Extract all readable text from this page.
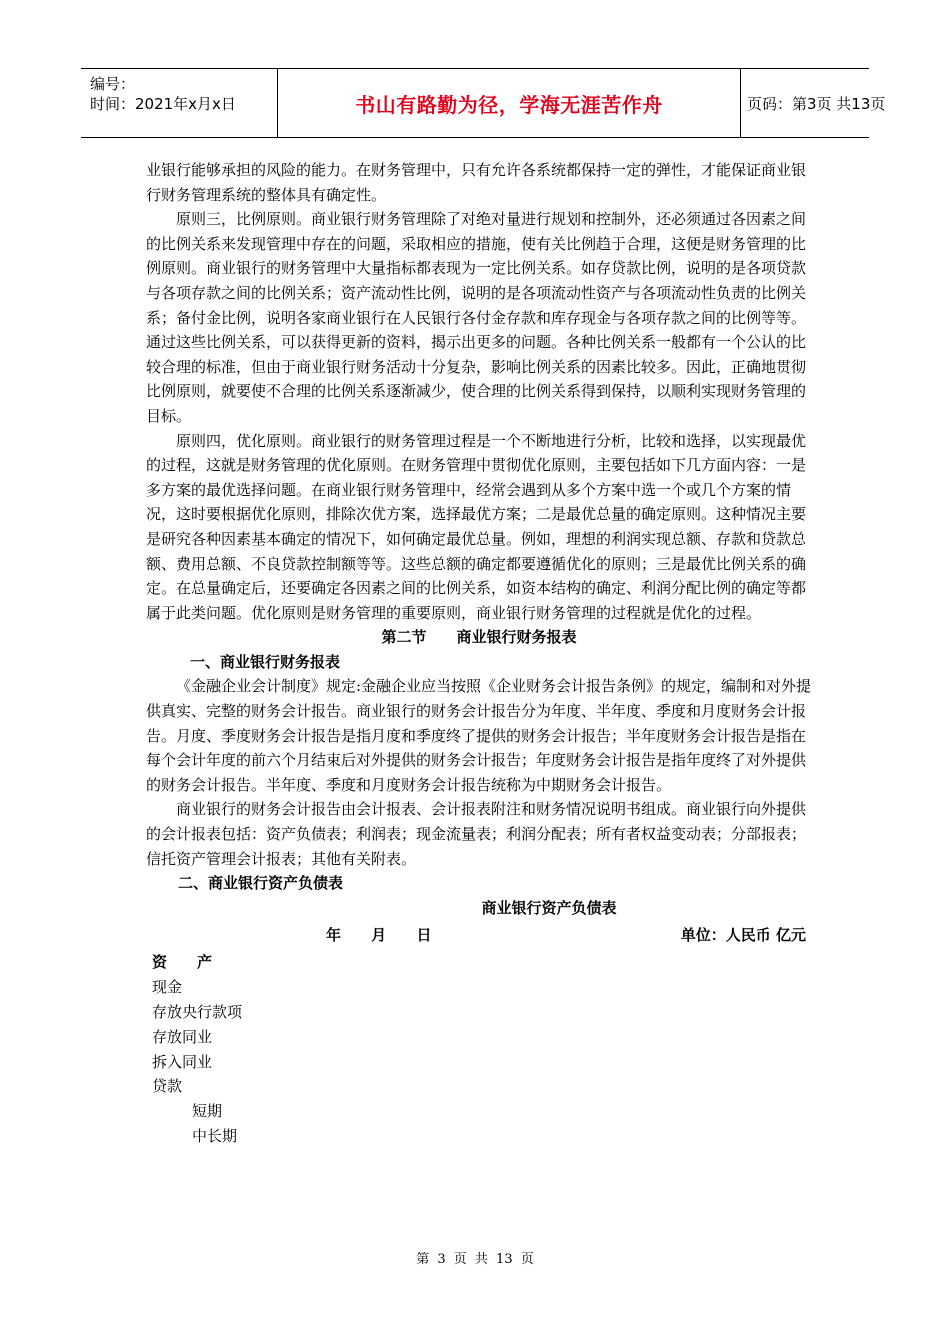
编号：
时间：2021年x月x日	书山有路勤为径，学海无涯苦作舟	页码：第3页 共13页

业银行能够承担的风险的能力。在财务管理中，只有允许各系统都保持一定的弹性，才能保证商业银行财务管理系统的整体具有确定性。

原则三，比例原则。商业银行财务管理除了对绝对量进行规划和控制外，还必须通过各因素之间的比例关系来发现管理中存在的问题，采取相应的措施，使有关比例趋于合理，这便是财务管理的比例原则。商业银行的财务管理中大量指标都表现为一定比例关系。如存贷款比例，说明的是各项贷款与各项存款之间的比例关系；资产流动性比例，说明的是各项流动性资产与各项流动性负责的比例关系；备付金比例，说明各家商业银行在人民银行各付金存款和库存现金与各项存款之间的比例等等。通过这些比例关系，可以获得更新的资料，揭示出更多的问题。各种比例关系一般都有一个公认的比较合理的标准，但由于商业银行财务活动十分复杂，影响比例关系的因素比较多。因此，正确地贯彻比例原则，就要使不合理的比例关系逐渐减少，使合理的比例关系得到保持，以顺利实现财务管理的目标。

原则四，优化原则。商业银行的财务管理过程是一个不断地进行分析，比较和选择，以实现最优的过程，这就是财务管理的优化原则。在财务管理中贯彻优化原则，主要包括如下几方面内容：一是多方案的最优选择问题。在商业银行财务管理中，经常会遇到从多个方案中选一个或几个方案的情况，这时要根据优化原则，排除次优方案，选择最优方案；二是最优总量的确定原则。这种情况主要是研究各种因素基本确定的情况下，如何确定最优总量。例如，理想的利润实现总额、存款和贷款总额、费用总额、不良贷款控制额等等。这些总额的确定都要遵循优化的原则；三是最优比例关系的确定。在总量确定后，还要确定各因素之间的比例关系，如资本结构的确定、利润分配比例的确定等都属于此类问题。优化原则是财务管理的重要原则，商业银行财务管理的过程就是优化的过程。

第二节　　商业银行财务报表

一、商业银行财务报表

《金融企业会计制度》规定:金融企业应当按照《企业财务会计报告条例》的规定，编制和对外提供真实、完整的财务会计报告。商业银行的财务会计报告分为年度、半年度、季度和月度财务会计报告。月度、季度财务会计报告是指月度和季度终了提供的财务会计报告；半年度财务会计报告是指在每个会计年度的前六个月结束后对外提供的财务会计报告；年度财务会计报告是指年度终了对外提供的财务会计报告。半年度、季度和月度财务会计报告统称为中期财务会计报告。

商业银行的财务会计报告由会计报表、会计报表附注和财务情况说明书组成。商业银行向外提供的会计报表包括：资产负债表；利润表；现金流量表；利润分配表；所有者权益变动表；分部报表；信托资产管理会计报表；其他有关附表。

二、商业银行资产负债表

商业银行资产负债表

年　 月　 日	单位：人民币 亿元
资　　产
现金
存放央行款项
存放同业
拆入同业
贷款
短期
中长期
第 3 页 共 13 页
